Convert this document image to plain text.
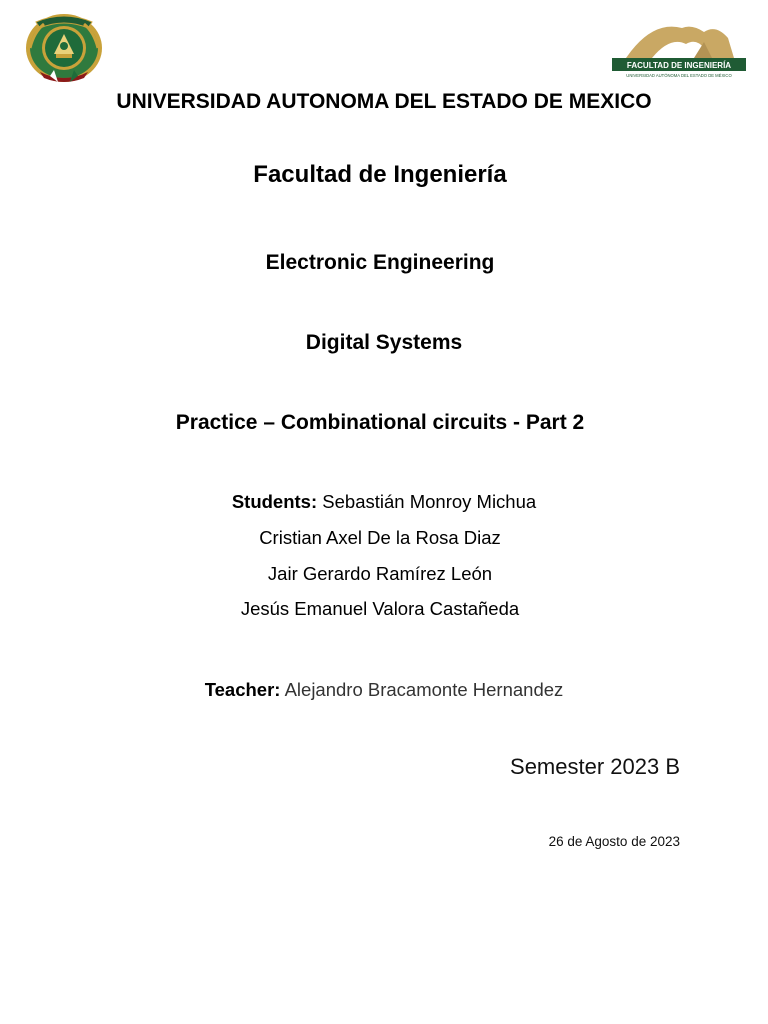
FACULTAD DE INGENIERÍA
UNIVERSIDAD AUTÓNOMA DEL ESTADO DE MÉXICO
UNIVERSIDAD AUTONOMA DEL ESTADO DE MEXICO
Facultad de Ingeniería
Electronic Engineering
Digital Systems
Practice – Combinational circuits - Part 2
Students: Sebastián Monroy Michua
Cristian Axel De la Rosa Diaz
Jair Gerardo Ramírez León
Jesús Emanuel Valora Castañeda
Teacher: Alejandro Bracamonte Hernandez
Semester 2023 B
26 de Agosto de 2023
